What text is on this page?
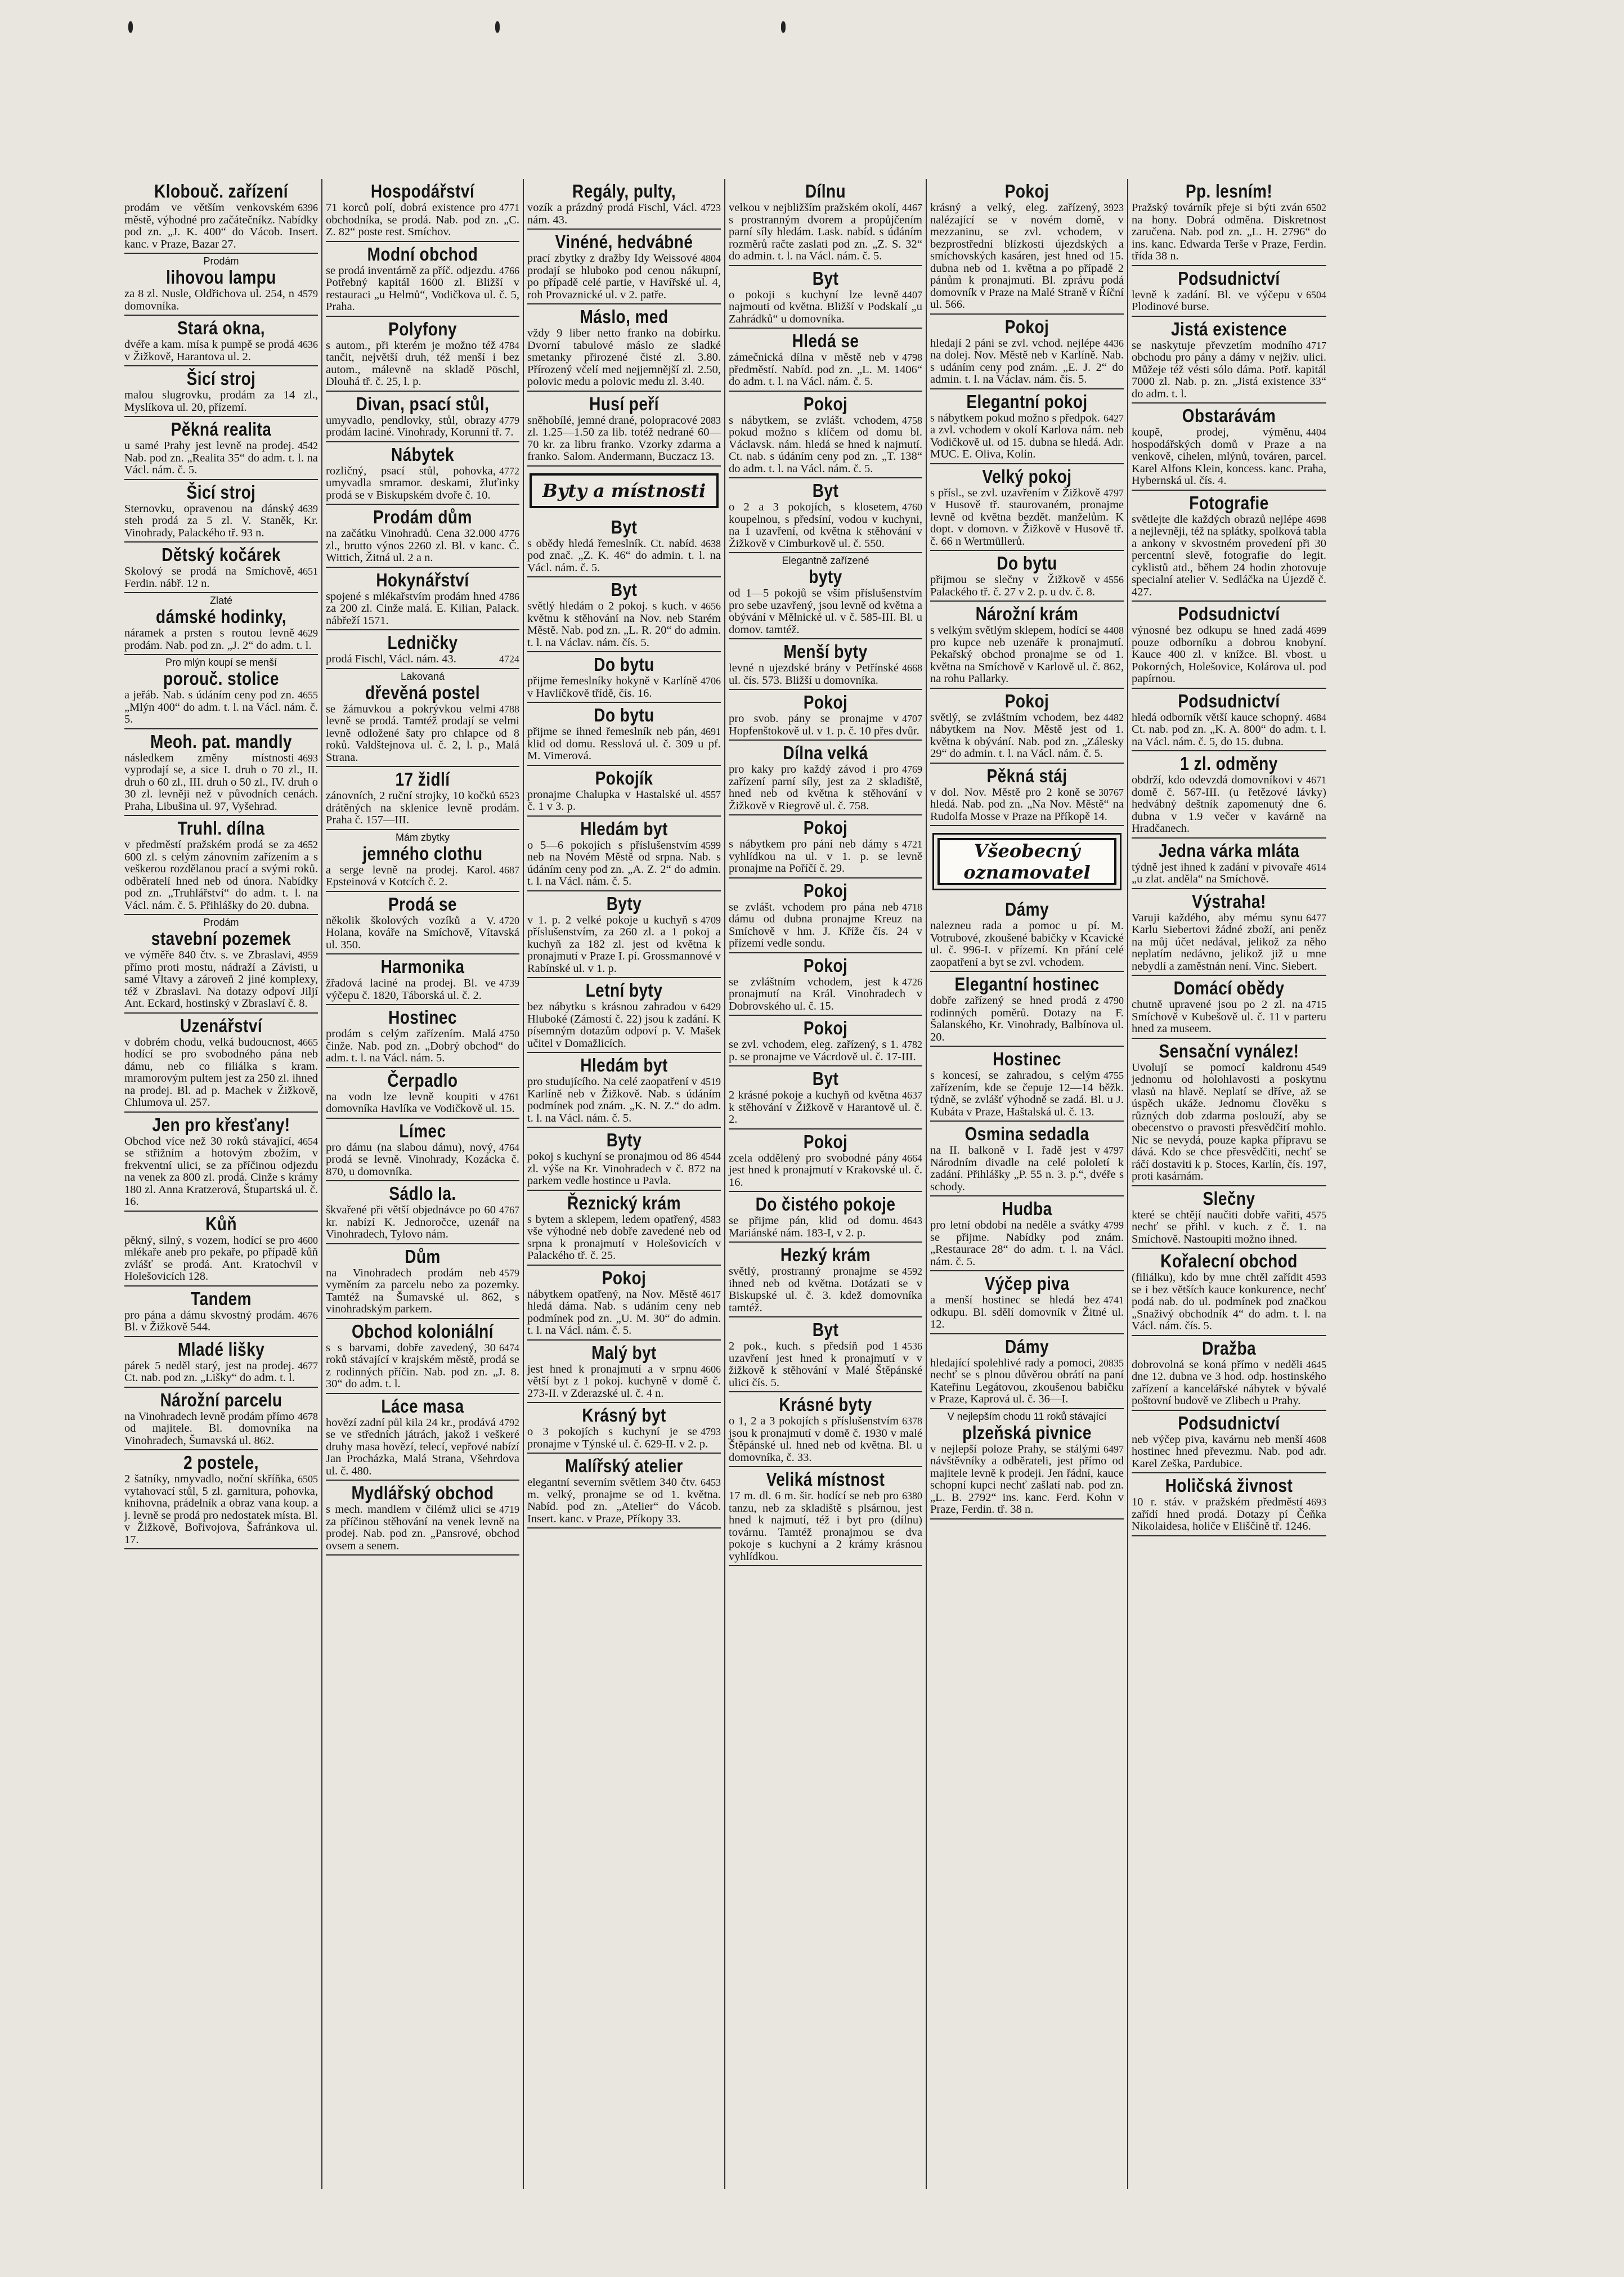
Klobouč. zařízení
6396
prodám ve větším venkovském městě, výhodné pro začátečníkz. Nabídky pod zn. „J. K. 400“ do Vácob. Insert. kanc. v Praze, Bazar 27.
Prodám
lihovou lampu
4579
za 8 zl. Nusle, Oldřichova ul. 254, n domovníka.
Stará okna,
4636
dvéře a kam. mísa k pumpě se prodá v Žižkově, Harantova ul. 2.
Šicí stroj
malou slugrovku, prodám za 14 zl., Myslíkova ul. 20, přízemí.
Pěkná realita
4542
u samé Prahy jest levně na prodej. Nab. pod zn. „Realita 35“ do adm. t. l. na Václ. nám. č. 5.
Šicí stroj
4639
Sternovku, opravenou na dánský steh prodá za 5 zl. V. Staněk, Kr. Vinohrady, Palackého tř. 93 n.
Dětský kočárek
4651
Skolový se prodá na Smíchově, Ferdin. nábř. 12 n.
Zlaté
dámské hodinky,
4629
náramek a prsten s routou levně prodám. Nab. pod zn. „J. 2“ do adm. t. l.
Pro mlýn koupí se menší
porouč. stolice
4655
a jeřáb. Nab. s údáním ceny pod zn. „Mlýn 400“ do adm. t. l. na Václ. nám. č. 5.
Meoh. pat. mandly
4693
následkem změny místnosti vyprodají se, a sice I. druh o 70 zl., II. druh o 60 zl., III. druh o 50 zl., IV. druh o 30 zl. levněji než v původních cenách. Praha, Libušina ul. 97, Vyšehrad.
Truhl. dílna
4652
v předměstí pražském prodá se za 600 zl. s celým zánovním zařízením a s veškerou rozdělanou prací a svými roků. odběratelí hned neb od února. Nabídky pod zn. „Truhlářství“ do adm. t. l. na Václ. nám. č. 5. Přihlášky do 20. dubna.
Prodám
stavební pozemek
4959
ve výměře 840 čtv. s. ve Zbraslavi, přímo proti mostu, nádraží a Závisti, u samé Vltavy a zároveň 2 jiné komplexy, též v Zbraslavi. Na dotazy odpoví Jiljí Ant. Eckard, hostinský v Zbraslaví č. 8.
Uzenářství
4665
v dobrém chodu, velká budoucnost, hodící se pro svobodného pána neb dámu, neb co filiálka s kram. mramorovým pultem jest za 250 zl. ihned na prodej. Bl. ad p. Machek v Žižkově, Chlumova ul. 257.
Jen pro křesťany!
4654
Obchod více než 30 roků stávající, se střižním a hotovým zbožím, v frekventní ulici, se za příčinou odjezdu na venek za 800 zl. prodá. Cinže s krámy 180 zl. Anna Kratzerová, Štupartská ul. č. 16.
Kůň
4600
pěkný, silný, s vozem, hodící se pro mlékaře aneb pro pekaře, po případě kůň zvlášť se prodá. Ant. Kratochvíl v Holešovicích 128.
Tandem
4676
pro pána a dámu skvostný prodám. Bl. v Žižkově 544.
Mladé lišky
4677
párek 5 neděl starý, jest na prodej. Ct. nab. pod zn. „Lišky“ do adm. t. l.
Nárožní parcelu
4678
na Vinohradech levně prodám přímo od majitele. Bl. domovníka na Vinohradech, Šumavská ul. 862.
2 postele,
6505
2 šatníky, nmyvadlo, noční skříňka, vytahovací stůl, 5 zl. garnitura, pohovka, knihovna, prádelník a obraz vana koup. a j. levně se prodá pro nedostatek místa. Bl. v Žižkově, Bořivojova, Šafránkova ul. 17.
Hospodářství
4771
71 korců polí, dobrá existence pro obchodníka, se prodá. Nab. pod zn. „C. Z. 82“ poste rest. Smíchov.
Modní obchod
4766
se prodá inventárně za příč. odjezdu. Potřebný kapitál 1600 zl. Bližší v restauraci „u Helmů“, Vodičkova ul. č. 5, Praha.
Polyfony
4784
s autom., při kterém je možno též tančit, největší druh, též menší i bez autom., málevně na skladě Pöschl, Dlouhá tř. č. 25, l. p.
Divan, psací stůl,
4779
umyvadlo, pendlovky, stůl, obrazy prodám laciné. Vinohrady, Korunní tř. 7.
Nábytek
4772
rozličný, psací stůl, pohovka, umyvadla smramor. deskami, žluťinky prodá se v Biskupském dvoře č. 10.
Prodám dům
4776
na začátku Vinohradů. Cena 32.000 zl., brutto výnos 2260 zl. Bl. v kanc. Č. Wittich, Žitná ul. 2 a n.
Hokynářství
4786
spojené s mlékařstvím prodám hned za 200 zl. Cinže malá. E. Kilian, Palack. nábřeží 1571.
Ledničky
4724
prodá Fischl, Václ. nám. 43.
Lakovaná
dřevěná postel
4788
se žámuvkou a pokrývkou velmi levně se prodá. Tamtéž prodají se velmi levně odložené šaty pro chlapce od 8 roků. Valdštejnova ul. č. 2, l. p., Malá Strana.
17 židlí
6523
zánovních, 2 ruční strojky, 10 kočků drátěných na sklenice levně prodám. Praha č. 157—III.
Mám zbytky
jemného clothu
4687
a serge levně na prodej. Karol. Epsteinová v Kotcích č. 2.
Prodá se
4720
několik školových vozíků a V. Holana, kováře na Smíchově, Vítavská ul. 350.
Harmonika
4739
žřadová laciné na prodej. Bl. ve výčepu č. 1820, Táborská ul. č. 2.
Hostinec
4750
prodám s celým zařízením. Malá činže. Nab. pod zn. „Dobrý obchod“ do adm. t. l. na Václ. nám. 5.
Čerpadlo
4761
na vodn lze levně koupiti v domovníka Havlíka ve Vodičkově ul. 15.
Límec
4764
pro dámu (na slabou dámu), nový, prodá se levně. Vinohrady, Kozácka č. 870, u domovníka.
Sádlo Ia.
4767
škvařené při větší objednávce po 60 kr. nabízí K. Jednoročce, uzenář na Vinohradech, Tylovo nám.
Dům
4579
na Vinohradech prodám neb vyměním za parcelu nebo za pozemky. Tamtéž na Šumavské ul. 862, s vinohradským parkem.
Obchod koloniální
6474
s s barvami, dobře zavedený, 30 roků stávající v krajském městě, prodá se z rodinných příčin. Nab. pod zn. „J. 8. 30“ do adm. t. l.
Láce masa
4792
hovězí zadní půl kila 24 kr., prodává se ve středních játrách, jakož i veškeré druhy masa hovězí, telecí, vepřové nabízí Jan Procházka, Malá Strana, Všehrdova ul. č. 480.
Mydlářský obchod
4719
s mech. mandlem v čilémž ulici se za příčinou stěhování na venek levně na prodej. Nab. pod zn. „Pansrové, obchod ovsem a senem.
Regály, pulty,
4723
vozík a prázdný prodá Fischl, Václ. nám. 43.
Vinéné, hedvábné
4804
prací zbytky z dražby Idy Weissové prodají se hluboko pod cenou nákupní, po případě celé partie, v Havířské ul. 4, roh Provaznické ul. v 2. patře.
Máslo, med
vždy 9 liber netto franko na dobírku. Dvorní tabulové máslo ze sladké smetanky přirozené čisté zl. 3.80. Přírozený včelí med nejjemnější zl. 2.50, polovic medu a polovic medu zl. 3.40.
Husí peří
2083
sněhobílé, jemné drané, polopracové zl. 1.25—1.50 za lib. totéž nedrané 60—70 kr. za libru franko. Vzorky zdarma a franko. Salom. Andermann, Buczacz 13.
Byty a místnosti
Byt
4638
s obědy hledá řemeslník. Ct. nabíd. pod znač. „Z. K. 46“ do admin. t. l. na Václ. nám. č. 5.
Byt
4656
světlý hledám o 2 pokoj. s kuch. v květnu k stěhování na Nov. neb Starém Městě. Nab. pod zn. „L. R. 20“ do admin. t. l. na Václav. nám. čís. 5.
Do bytu
4706
přijme řemeslníky hokyně v Karlíně v Havlíčkově třídě, čís. 16.
Do bytu
4691
přijme se ihned řemeslník neb pán, klid od domu. Resslová ul. č. 309 u pf. M. Vimerová.
Pokojík
4557
pronajme Chalupka v Hastalské ul. č. 1 v 3. p.
Hledám byt
4599
o 5—6 pokojích s příslušenstvím neb na Novém Městě od srpna. Nab. s údáním ceny pod zn. „A. Z. 2“ do admin. t. l. na Václ. nám. č. 5.
Byty
4709
v 1. p. 2 velké pokoje u kuchyň s příslušenstvím, za 260 zl. a 1 pokoj a kuchyň za 182 zl. jest od května k pronajmutí v Praze I. pí. Grossmannové v Rabínské ul. v 1. p.
Letní byty
6429
bez nábytku s krásnou zahradou v Hluboké (Zámostí č. 22) jsou k zadání. K písemným dotazům odpoví p. V. Mašek učitel v Domažlicích.
Hledám byt
4519
pro studujícího. Na celé zaopatření v Karlíně neb v Žižkově. Nab. s údáním podmínek pod znám. „K. N. Z.“ do adm. t. l. na Václ. nám. č. 5.
Byty
4544
pokoj s kuchyní se pronajmou od 86 zl. výše na Kr. Vinohradech v č. 872 na parkem vedle hostince u Pavla.
Řeznický krám
4583
s bytem a sklepem, ledem opatřený, vše výhodné neb dobře zavedené neb od srpna k pronajmutí v Holešovicích v Palackého tř. č. 25.
Pokoj
4617
nábytkem opatřený, na Nov. Městě hledá dáma. Nab. s udáním ceny neb podmínek pod zn. „U. M. 30“ do admin. t. l. na Václ. nám. č. 5.
Malý byt
4606
jest hned k pronajmutí a v srpnu větší byt z 1 pokoj. kuchyně v domě č. 273-II. v Zderazské ul. č. 4 n.
Krásný byt
4793
o 3 pokojích s kuchyní je se pronajme v Týnské ul. č. 629-II. v 2. p.
Malířský atelier
6453
elegantní severním světlem 340 čtv. m. velký, pronajme se od 1. května. Nabíd. pod zn. „Atelier“ do Vácob. Insert. kanc. v Praze, Příkopy 33.
Dílnu
4467
velkou v nejbližším pražském okolí, s prostranným dvorem a propůjčením parní síly hledám. Lask. nabíd. s údáním rozměrů račte zaslati pod zn. „Z. S. 32“ do admin. t. l. na Václ. nám. č. 5.
Byt
4407
o pokoji s kuchyní lze levně najmouti od května. Bližší v Podskalí „u Zahrádků“ u domovníka.
Hledá se
4798
zámečnická dílna v městě neb v předměstí. Nabíd. pod zn. „L. M. 1406“ do adm. t. l. na Václ. nám. č. 5.
Pokoj
4758
s nábytkem, se zvlášt. vchodem, pokud možno s klíčem od domu bl. Václavsk. nám. hledá se hned k najmutí. Ct. nab. s údáním ceny pod zn. „T. 138“ do adm. t. l. na Václ. nám. č. 5.
Byt
4760
o 2 a 3 pokojích, s klosetem, koupelnou, s předsíní, vodou v kuchyni, na 1 uzavření, od května k stěhování v Žižkově v Cimburkově ul. č. 550.
Elegantně zařízené
byty
od 1—5 pokojů se vším příslušenstvím pro sebe uzavřený, jsou levně od května a obývání v Mělnické ul. v č. 585-III. Bl. u domov. tamtéž.
Menší byty
4668
levné n ujezdské brány v Petřínské ul. čís. 573. Bližší u domovníka.
Pokoj
4707
pro svob. pány se pronajme v Hopfenštokově ul. v 1. p. č. 10 přes dvůr.
Dílna velká
4769
pro kaky pro každý závod i pro zařízení parní síly, jest za 2 skladiště, hned neb od května k stěhování v Žižkově v Riegrově ul. č. 758.
Pokoj
4721
s nábytkem pro pání neb dámy s vyhlídkou na ul. v 1. p. se levně pronajme na Poříčí č. 29.
Pokoj
4718
se zvlášt. vchodem pro pána neb dámu od dubna pronajme Kreuz na Smíchově v hm. J. Kříže čís. 24 v přízemí vedle sondu.
Pokoj
4726
se zvláštním vchodem, jest k pronajmutí na Král. Vinohradech v Dobrovského ul. č. 15.
Pokoj
4782
se zvl. vchodem, eleg. zařízený, s 1. p. se pronajme ve Vácrdově ul. č. 17-III.
Byt
4637
2 krásné pokoje a kuchyň od května k stěhování v Žižkově v Harantově ul. č. 2.
Pokoj
4664
zcela oddělený pro svobodné pány jest hned k pronajmutí v Krakovské ul. č. 16.
Do čistého pokoje
4643
se přijme pán, klid od domu. Mariánské nám. 183-I, v 2. p.
Hezký krám
4592
světlý, prostranný pronajme se ihned neb od května. Dotázati se v Biskupské ul. č. 3. kdež domovníka tamtéž.
Byt
4536
2 pok., kuch. s předsíň pod 1 uzavření jest hned k pronajmutí v v žižkově k stěhování v Malé Štěpánské ulici čís. 5.
Krásné byty
6378
o 1, 2 a 3 pokojích s příslušenstvím jsou k pronajmutí v domě č. 1930 v malé Štěpánské ul. hned neb od května. Bl. u domovníka, č. 33.
Veliká místnost
6380
17 m. dl. 6 m. šir. hodící se neb pro tanzu, neb za skladiště s plsárnou, jest hned k najmutí, též i byt pro (dílnu) továrnu. Tamtéž pronajmou se dva pokoje s kuchyní a 2 krámy krásnou vyhlídkou.
Pokoj
3923
krásný a velký, eleg. zařízený, nalézající se v novém domě, v mezzaninu, se zvl. vchodem, v bezprostřední blízkosti újezdských a smíchovských kasáren, jest hned od 15. dubna neb od 1. května a po případě 2 pánům k pronajmutí. Bl. zprávu podá domovník v Praze na Malé Straně v Říční ul. 566.
Pokoj
4436
hledají 2 páni se zvl. vchod. nejlépe na dolej. Nov. Městě neb v Karlíně. Nab. s udáním ceny pod znám. „E. J. 2“ do admin. t. l. na Václav. nám. čís. 5.
Elegantní pokoj
6427
s nábytkem pokud možno s předpok. a zvl. vchodem v okolí Karlova nám. neb Vodičkově ul. od 15. dubna se hledá. Adr. MUC. E. Oliva, Kolín.
Velký pokoj
4797
s přísl., se zvl. uzavřením v Žižkově v Husově tř. staurovaném, pronajme levně od května bezdět. manželům. K dopt. v domovn. v Žižkově v Husově tř. č. 66 n Wertmüllerů.
Do bytu
4556
přijmou se slečny v Žižkově v Palackého tř. č. 27 v 2. p. u dv. č. 8.
Nárožní krám
4408
s velkým světlým sklepem, hodící se pro kupce neb uzenáře k pronajmutí. Pekařský obchod pronajme se od 1. května na Smíchově v Karlově ul. č. 862, na rohu Pallarky.
Pokoj
4482
světlý, se zvláštním vchodem, bez nábytkem na Nov. Městě jest od 1. května k obývání. Nab. pod zn. „Zálesky 29“ do admin. t. l. na Václ. nám. č. 5.
Pěkná stáj
30767
v dol. Nov. Městě pro 2 koně se hledá. Nab. pod zn. „Na Nov. Městě“ na Rudolfa Mosse v Praze na Příkopě 14.
Všeobecný oznamovatel
Dámy
nalezneu rada a pomoc u pí. M. Votrubové, zkoušené babičky v Kcavické ul. č. 996-I. v přízemí. Kn přání celé zaopatření a byt se zvl. vchodem.
Elegantní hostinec
4790
dobře zařízený se hned prodá z rodinných poměrů. Dotazy na F. Šalanského, Kr. Vinohrady, Balbínova ul. 20.
Hostinec
4755
s koncesí, se zahradou, s celým zařízením, kde se čepuje 12—14 běžk. týdně, se zvlášť výhodně se zadá. Bl. u J. Kubáta v Praze, Haštalská ul. č. 13.
Osmina sedadla
4797
na II. balkoně v I. řadě jest v Národním divadle na celé pololetí k zadání. Přihlášky „P. 55 n. 3. p.“, dvéře s schody.
Hudba
4799
pro letní období na neděle a svátky se přijme. Nabídky pod znám. „Restaurace 28“ do adm. t. l. na Václ. nám. č. 5.
Výčep piva
4741
a menší hostinec se hledá bez odkupu. Bl. sdělí domovník v Žitné ul. 12.
Dámy
20835
hledající spolehlivé rady a pomoci, nechť se s plnou důvěrou obrátí na paní Kateřinu Legátovou, zkoušenou babičku v Praze, Kaprová ul. č. 36—I.
V nejlepším chodu 11 roků stávající
plzeňská pivnice
6497
v nejlepší poloze Prahy, se stálými návštěvníky a odběrateli, jest přímo od majitele levně k prodeji. Jen řádní, kauce schopní kupci nechť zašlatí nab. pod zn. „L. B. 2792“ ins. kanc. Ferd. Kohn v Praze, Ferdin. tř. 38 n.
Pp. lesním!
6502
Pražský továrník přeje si býti zván na hony. Dobrá odměna. Diskretnost zaručena. Nab. pod zn. „L. H. 2796“ do ins. kanc. Edwarda Terše v Praze, Ferdin. třída 38 n.
Podsudnictví
6504
levně k zadání. Bl. ve výčepu v Plodinové burse.
Jistá existence
4717
se naskytuje převzetím modního obchodu pro pány a dámy v nejživ. ulici. Můžeje též vésti sólo dáma. Potř. kapitál 7000 zl. Nab. p. zn. „Jistá existence 33“ do adm. t. l.
Obstarávám
4404
koupě, prodej, výměnu, hospodářských domů v Praze a na venkově, cihelen, mlýnů, továren, parcel. Karel Alfons Klein, koncess. kanc. Praha, Hybernská ul. čís. 4.
Fotografie
4698
světlejte dle každých obrazů nejlépe a nejlevněji, též na splátky, spolková tabla a ankony v skvostném provedení při 30 percentní slevě, fotografie do legit. cyklistů atd., během 24 hodin zhotovuje specialní atelier V. Sedláčka na Újezdě č. 427.
Podsudnictví
4699
výnosné bez odkupu se hned zadá pouze odborníku a dobrou knobyní. Kauce 400 zl. v knížce. Bl. vbost. u Pokorných, Holešovice, Kolárova ul. pod papírnou.
Podsudnictví
4684
hledá odborník větší kauce schopný. Ct. nab. pod zn. „K. A. 800“ do adm. t. l. na Václ. nám. č. 5, do 15. dubna.
1 zl. odměny
4671
obdrží, kdo odevzdá domovníkovi v domě č. 567-III. (u řetězové lávky) hedvábný deštník zapomenutý dne 6. dubna v 1.9 večer v kavárně na Hradčanech.
Jedna várka mláta
4614
týdně jest ihned k zadání v pivovaře „u zlat. anděla“ na Smíchově.
Výstraha!
6477
Varuji každého, aby mému synu Karlu Siebertovi žádné zboží, ani peněz na můj účet nedával, jelikož za něho neplatím nedávno, jelikož již u mne nebydlí a zaměstnán není. Vinc. Siebert.
Domácí obědy
4715
chutně upravené jsou po 2 zl. na Smíchově v Kubešově ul. č. 11 v parteru hned za museem.
Sensační vynález!
4549
Uvolují se pomocí kaldronu jednomu od holohlavosti a poskytnu vlasů na hlavě. Neplatí se dříve, až se úspěch ukáže. Jednomu člověku s různých dob zdarma poslouží, aby se obecenstvo o pravosti přesvědčití mohlo. Nic se nevydá, pouze kapka přípravu se dává. Kdo se chce přesvědčiti, nechť se ráčí dostaviti k p. Stoces, Karlín, čís. 197, proti kasárnám.
Slečny
4575
které se chtějí naučiti dobře vařiti, nechť se přihl. v kuch. z č. 1. na Smíchově. Nastoupiti možno ihned.
Kořalecní obchod
4593
(filiálku), kdo by mne chtěl zařídit se i bez větších kauce konkurence, nechť podá nab. do ul. podmínek pod značkou „Snaživý obchodník 4“ do adm. t. l. na Václ. nám. čís. 5.
Dražba
4645
dobrovolná se koná přímo v neděli dne 12. dubna ve 3 hod. odp. hostinského zařízení a kancelářské nábytek v bývalé poštovní budově ve Zlibech u Prahy.
Podsudnictví
4608
neb výčep piva, kavárnu neb menší hostinec hned převezmu. Nab. pod adr. Karel Zeška, Pardubice.
Holičská živnost
4693
10 r. stáv. v pražském předměstí zařídí hned prodá. Dotazy pí Čeňka Nikolaidesa, holiče v Eliščině tř. 1246.
